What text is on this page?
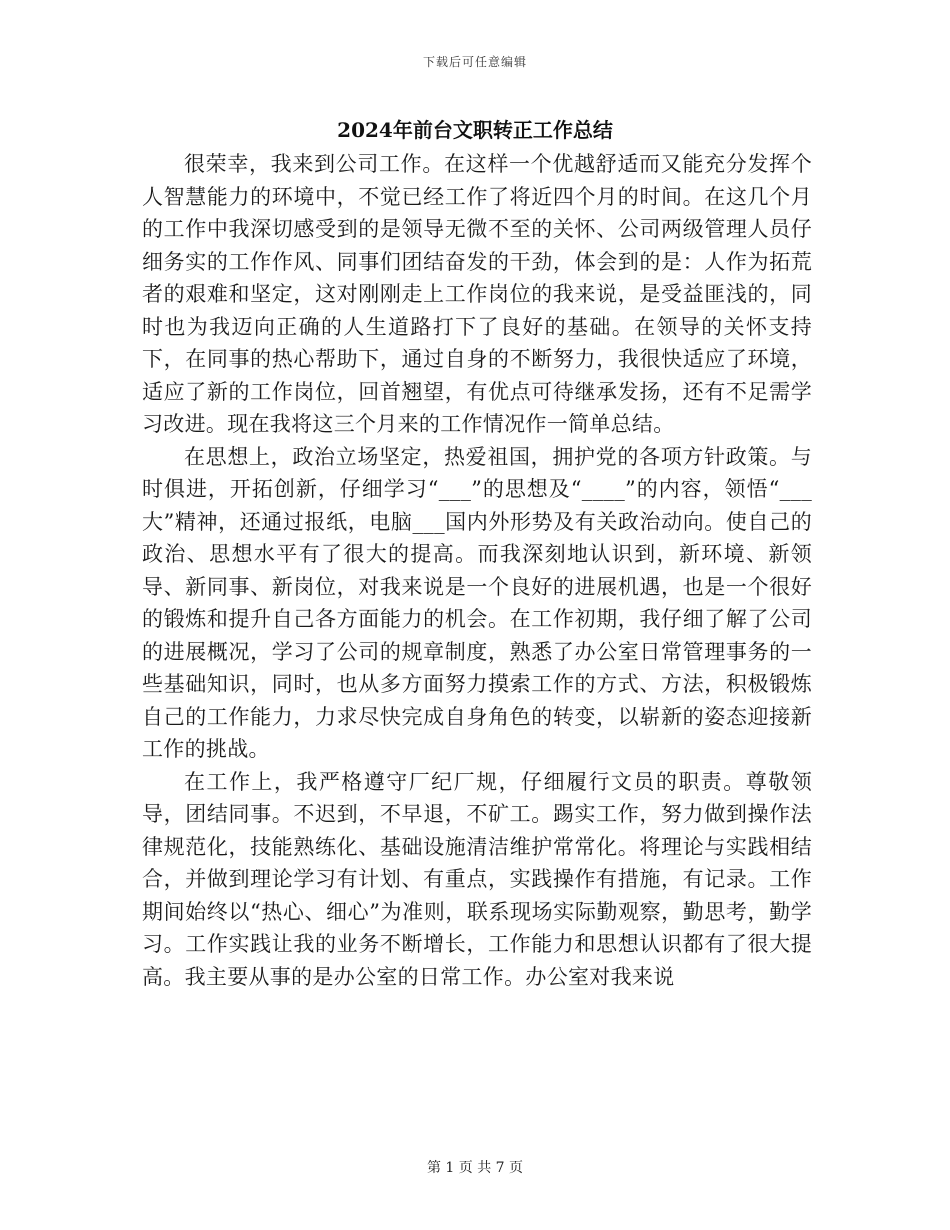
下载后可任意编辑
2024年前台文职转正工作总结

很荣幸，我来到公司工作。在这样一个优越舒适而又能充分发挥个人智慧能力的环境中，不觉已经工作了将近四个月的时间。在这几个月的工作中我深切感受到的是领导无微不至的关怀、公司两级管理人员仔细务实的工作作风、同事们团结奋发的干劲，体会到的是：人作为拓荒者的艰难和坚定，这对刚刚走上工作岗位的我来说，是受益匪浅的，同时也为我迈向正确的人生道路打下了良好的基础。在领导的关怀支持下，在同事的热心帮助下，通过自身的不断努力，我很快适应了环境，适应了新的工作岗位，回首翘望，有优点可待继承发扬，还有不足需学习改进。现在我将这三个月来的工作情况作一简单总结。

在思想上，政治立场坚定，热爱祖国，拥护党的各项方针政策。与时俱进，开拓创新，仔细学习“___”的思想及“____”的内容，领悟“___大”精神，还通过报纸，电脑___国内外形势及有关政治动向。使自己的政治、思想水平有了很大的提高。而我深刻地认识到，新环境、新领导、新同事、新岗位，对我来说是一个良好的进展机遇，也是一个很好的锻炼和提升自己各方面能力的机会。在工作初期，我仔细了解了公司的进展概况，学习了公司的规章制度，熟悉了办公室日常管理事务的一些基础知识，同时，也从多方面努力摸索工作的方式、方法，积极锻炼自己的工作能力，力求尽快完成自身角色的转变，以崭新的姿态迎接新工作的挑战。

在工作上，我严格遵守厂纪厂规，仔细履行文员的职责。尊敬领导，团结同事。不迟到，不早退，不矿工。踢实工作，努力做到操作法律规范化，技能熟练化、基础设施清洁维护常常化。将理论与实践相结合，并做到理论学习有计划、有重点，实践操作有措施，有记录。工作期间始终以“热心、细心”为准则，联系现场实际勤观察，勤思考，勤学习。工作实践让我的业务不断增长，工作能力和思想认识都有了很大提高。我主要从事的是办公室的日常工作。办公室对我来说

第 1 页 共 7 页
